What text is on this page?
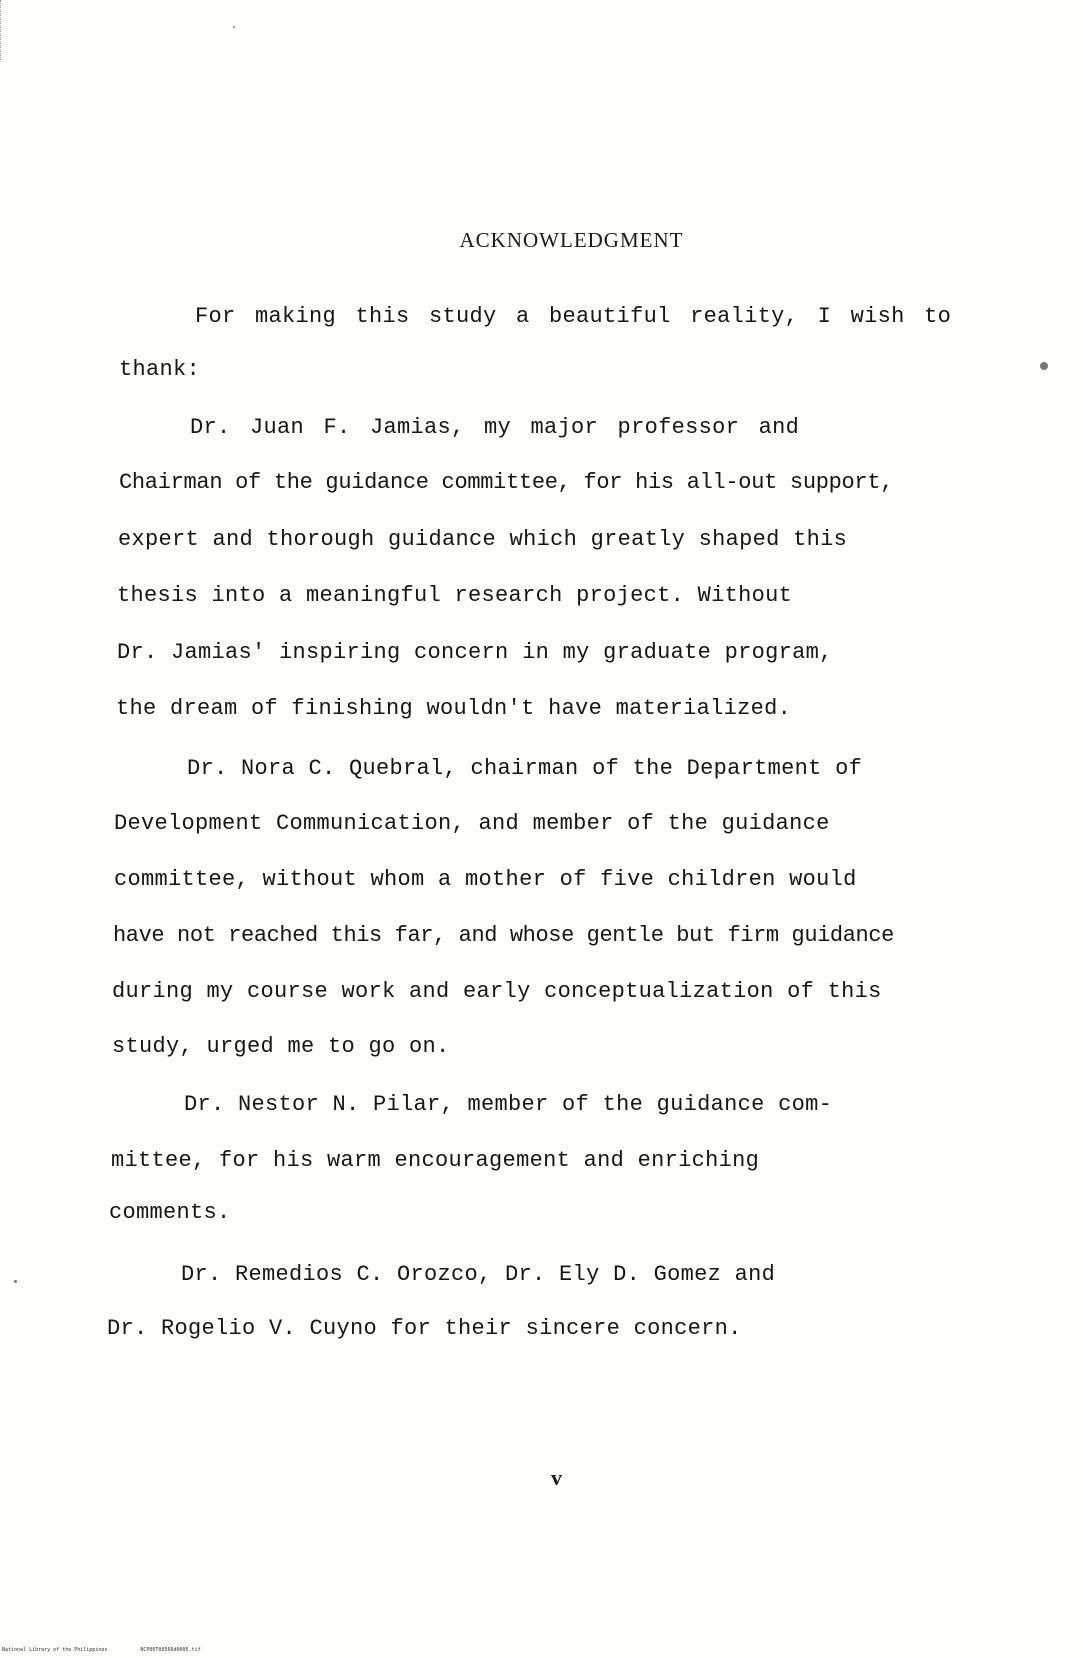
ACKNOWLEDGMENT
For making this study a beautiful reality, I wish to
thank:
Dr. Juan F. Jamias, my major professor and
Chairman of the guidance committee, for his all-out support,
expert and thorough guidance which greatly shaped this
thesis into a meaningful research project. Without
Dr. Jamias' inspiring concern in my graduate program,
the dream of finishing wouldn't have materialized.
Dr. Nora C. Quebral, chairman of the Department of
Development Communication, and member of the guidance
committee, without whom a mother of five children would
have not reached this far, and whose gentle but firm guidance
during my course work and early conceptualization of this
study, urged me to go on.
Dr. Nestor N. Pilar, member of the guidance com-
mittee, for his warm encouragement and enriching
comments.
Dr. Remedios C. Orozco, Dr. Ely D. Gomez and
Dr. Rogelio V. Cuyno for their sincere concern.
v
National Library of the Philippines	NCP00T00566d0005.tif
